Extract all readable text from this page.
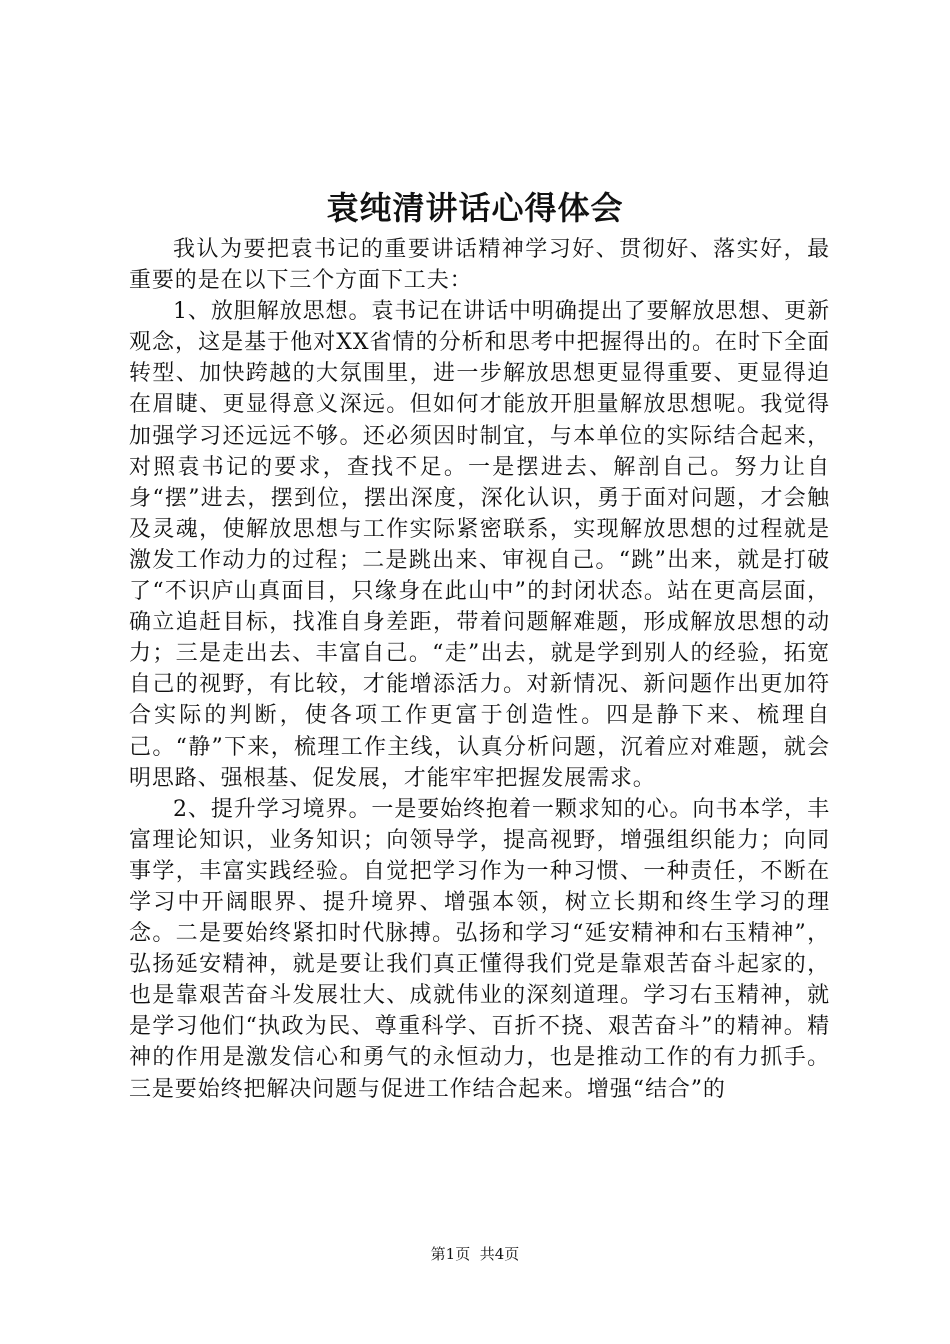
袁纯清讲话心得体会

我认为要把袁书记的重要讲话精神学习好、贯彻好、落实好，最重要的是在以下三个方面下工夫：

1、放胆解放思想。袁书记在讲话中明确提出了要解放思想、更新观念，这是基于他对XX省情的分析和思考中把握得出的。在时下全面转型、加快跨越的大氛围里，进一步解放思想更显得重要、更显得迫在眉睫、更显得意义深远。但如何才能放开胆量解放思想呢。我觉得加强学习还远远不够。还必须因时制宜，与本单位的实际结合起来，对照袁书记的要求，查找不足。一是摆进去、解剖自己。努力让自身“摆”进去，摆到位，摆出深度，深化认识，勇于面对问题，才会触及灵魂，使解放思想与工作实际紧密联系，实现解放思想的过程就是激发工作动力的过程；二是跳出来、审视自己。“跳”出来，就是打破了“不识庐山真面目，只缘身在此山中”的封闭状态。站在更高层面，确立追赶目标，找准自身差距，带着问题解难题，形成解放思想的动力；三是走出去、丰富自己。“走”出去，就是学到别人的经验，拓宽自己的视野，有比较，才能增添活力。对新情况、新问题作出更加符合实际的判断，使各项工作更富于创造性。四是静下来、梳理自己。“静”下来，梳理工作主线，认真分析问题，沉着应对难题，就会明思路、强根基、促发展，才能牢牢把握发展需求。

2、提升学习境界。一是要始终抱着一颗求知的心。向书本学，丰富理论知识，业务知识；向领导学，提高视野，增强组织能力；向同事学，丰富实践经验。自觉把学习作为一种习惯、一种责任，不断在学习中开阔眼界、提升境界、增强本领，树立长期和终生学习的理念。二是要始终紧扣时代脉搏。弘扬和学习“延安精神和右玉精神”，弘扬延安精神，就是要让我们真正懂得我们党是靠艰苦奋斗起家的，也是靠艰苦奋斗发展壮大、成就伟业的深刻道理。学习右玉精神，就是学习他们“执政为民、尊重科学、百折不挠、艰苦奋斗”的精神。精神的作用是激发信心和勇气的永恒动力，也是推动工作的有力抓手。三是要始终把解决问题与促进工作结合起来。增强“结合”的

第1页 共4页
